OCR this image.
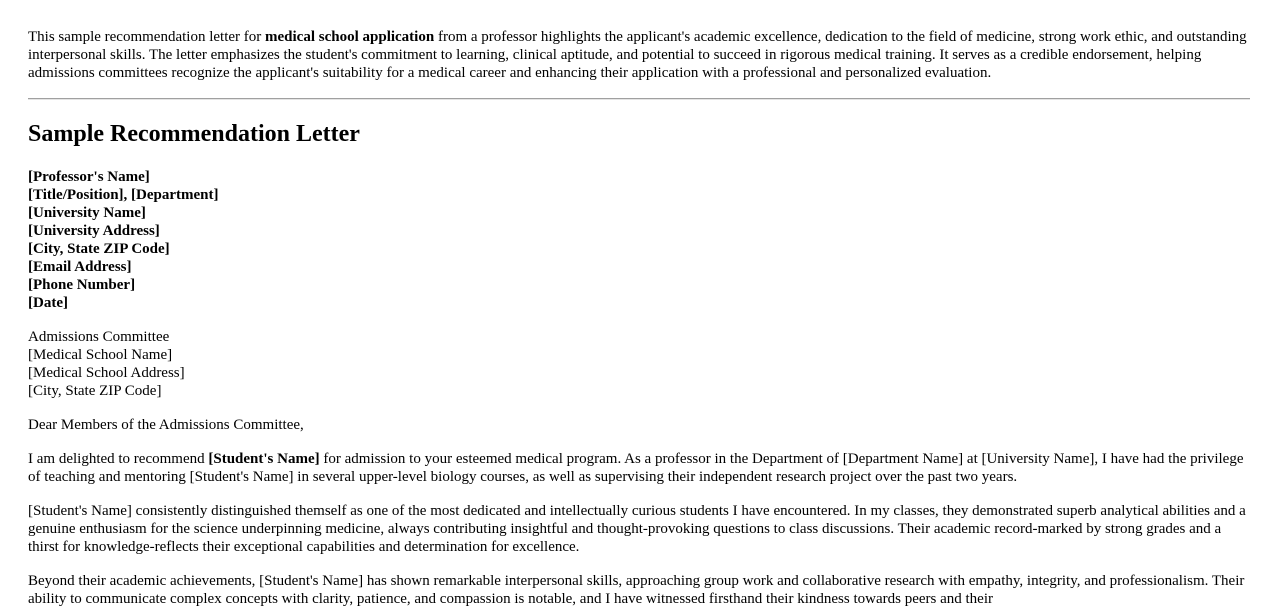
This sample recommendation letter for medical school application from a professor highlights the applicant's academic excellence, dedication to the field of medicine, strong work ethic, and outstanding interpersonal skills. The letter emphasizes the student's commitment to learning, clinical aptitude, and potential to succeed in rigorous medical training. It serves as a credible endorsement, helping admissions committees recognize the applicant's suitability for a medical career and enhancing their application with a professional and personalized evaluation.

Sample Recommendation Letter
[Professor's Name]
[Title/Position], [Department]
[University Name]
[University Address]
[City, State ZIP Code]
[Email Address]
[Phone Number]
[Date]
Admissions Committee
[Medical School Name]
[Medical School Address]
[City, State ZIP Code]

Dear Members of the Admissions Committee,

I am delighted to recommend [Student's Name] for admission to your esteemed medical program. As a professor in the Department of [Department Name] at [University Name], I have had the privilege of teaching and mentoring [Student's Name] in several upper-level biology courses, as well as supervising their independent research project over the past two years.

[Student's Name] consistently distinguished themself as one of the most dedicated and intellectually curious students I have encountered. In my classes, they demonstrated superb analytical abilities and a genuine enthusiasm for the science underpinning medicine, always contributing insightful and thought-provoking questions to class discussions. Their academic record-marked by strong grades and a thirst for knowledge-reflects their exceptional capabilities and determination for excellence.

Beyond their academic achievements, [Student's Name] has shown remarkable interpersonal skills, approaching group work and collaborative research with empathy, integrity, and professionalism. Their ability to communicate complex concepts with clarity, patience, and compassion is notable, and I have witnessed firsthand their kindness towards peers and their
